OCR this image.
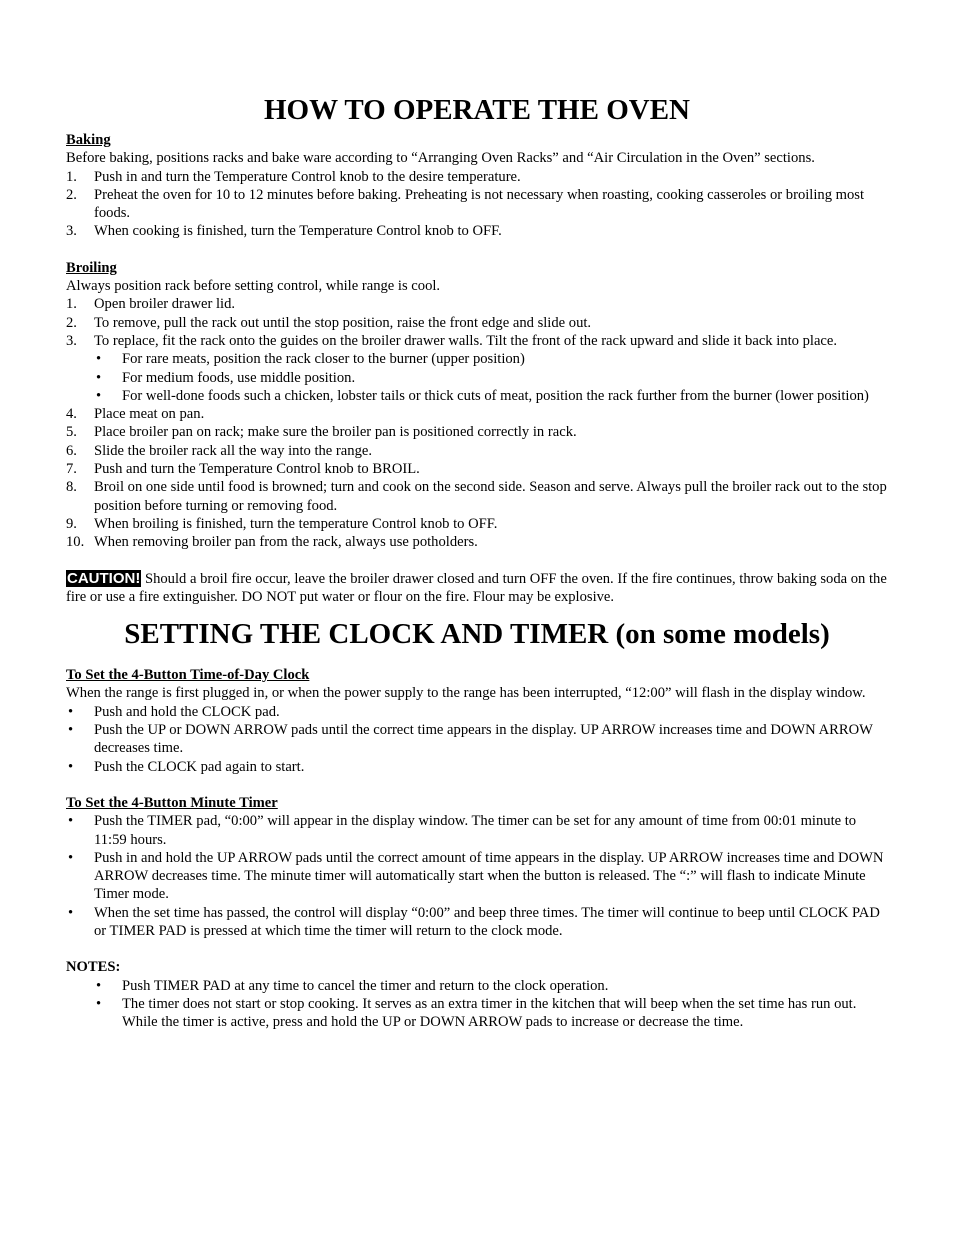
HOW TO OPERATE THE OVEN
Baking

Before baking, positions racks and bake ware according to “Arranging Oven Racks” and “Air Circulation in the Oven” sections.

1. Push in and turn the Temperature Control knob to the desire temperature.
2. Preheat the oven for 10 to 12 minutes before baking. Preheating is not necessary when roasting, cooking casseroles or broiling most foods.
3. When cooking is finished, turn the Temperature Control knob to OFF.
Broiling

Always position rack before setting control, while range is cool.

1. Open broiler drawer lid.
2. To remove, pull the rack out until the stop position, raise the front edge and slide out.
3. To replace, fit the rack onto the guides on the broiler drawer walls. Tilt the front of the rack upward and slide it back into place.
• For rare meats, position the rack closer to the burner (upper position)
• For medium foods, use middle position.
• For well-done foods such a chicken, lobster tails or thick cuts of meat, position the rack further from the burner (lower position)
4. Place meat on pan.
5. Place broiler pan on rack; make sure the broiler pan is positioned correctly in rack.
6. Slide the broiler rack all the way into the range.
7. Push and turn the Temperature Control knob to BROIL.
8. Broil on one side until food is browned; turn and cook on the second side. Season and serve. Always pull the broiler rack out to the stop position before turning or removing food.
9. When broiling is finished, turn the temperature Control knob to OFF.
10. When removing broiler pan from the rack, always use potholders.

CAUTION! Should a broil fire occur, leave the broiler drawer closed and turn OFF the oven. If the fire continues, throw baking soda on the fire or use a fire extinguisher. DO NOT put water or flour on the fire. Flour may be explosive.

SETTING THE CLOCK AND TIMER (on some models)
To Set the 4-Button Time-of-Day Clock

When the range is first plugged in, or when the power supply to the range has been interrupted, “12:00” will flash in the display window.

• Push and hold the CLOCK pad.
• Push the UP or DOWN ARROW pads until the correct time appears in the display. UP ARROW increases time and DOWN ARROW decreases time.
• Push the CLOCK pad again to start.
To Set the 4-Button Minute Timer
• Push the TIMER pad, “0:00” will appear in the display window. The timer can be set for any amount of time from 00:01 minute to 11:59 hours.
• Push in and hold the UP ARROW pads until the correct amount of time appears in the display. UP ARROW increases time and DOWN ARROW decreases time. The minute timer will automatically start when the button is released. The “:” will flash to indicate Minute Timer mode.
• When the set time has passed, the control will display “0:00” and beep three times. The timer will continue to beep until CLOCK PAD or TIMER PAD is pressed at which time the timer will return to the clock mode.
NOTES:
• Push TIMER PAD at any time to cancel the timer and return to the clock operation.
• The timer does not start or stop cooking. It serves as an extra timer in the kitchen that will beep when the set time has run out. While the timer is active, press and hold the UP or DOWN ARROW pads to increase or decrease the time.
